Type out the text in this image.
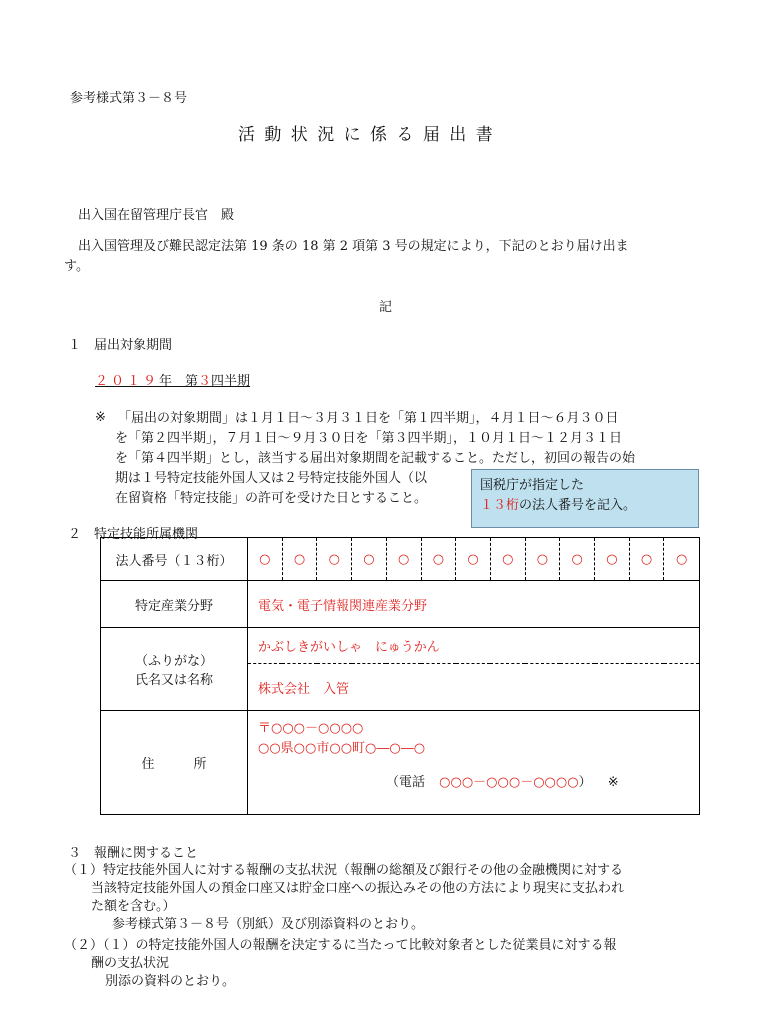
参考様式第３－８号
活 動 状 況 に 係 る 届 出 書
出入国在留管理庁長官　殿
出入国管理及び難民認定法第 19 条の 18 第 2 項第 3 号の規定により，下記のとおり届け出ま
す。
記
１　届出対象期間
２０１９年　第３四半期
※ 「届出の対象期間」は１月１日～３月３１日を「第１四半期」，４月１日～６月３０日
を「第２四半期」，７月１日～９月３０日を「第３四半期」，１０月１日～１２月３１日
を「第４四半期」とし，該当する届出対象期間を記載すること。ただし，初回の報告の始
期は１号特定技能外国人又は２号特定技能外国人（以
在留資格「特定技能」の許可を受けた日とすること。
国税庁が指定した
１３桁の法人番号を記入。
２　特定技能所属機関
法人番号（１３桁）	○	○	○	○	○	○	○	○	○	○	○	○	○
特定産業分野	電気・電子情報関連産業分野												

（ふりがな）
氏名又は名称	かぶしきがいしゃ　にゅうかん												
	株式会社　入管												
住　　　所	〒○○○－○○○○
○○県○○市○○町○―○―○
（電話 ○○○－○○○－○○○○） ※												
３　報酬に関すること
（１）特定技能外国人に対する報酬の支払状況（報酬の総額及び銀行その他の金融機関に対する
当該特定技能外国人の預金口座又は貯金口座への振込みその他の方法により現実に支払われ
た額を含む。）
参考様式第３－８号（別紙）及び別添資料のとおり。
（２）（１）の特定技能外国人の報酬を決定するに当たって比較対象者とした従業員に対する報
酬の支払状況
別添の資料のとおり。
